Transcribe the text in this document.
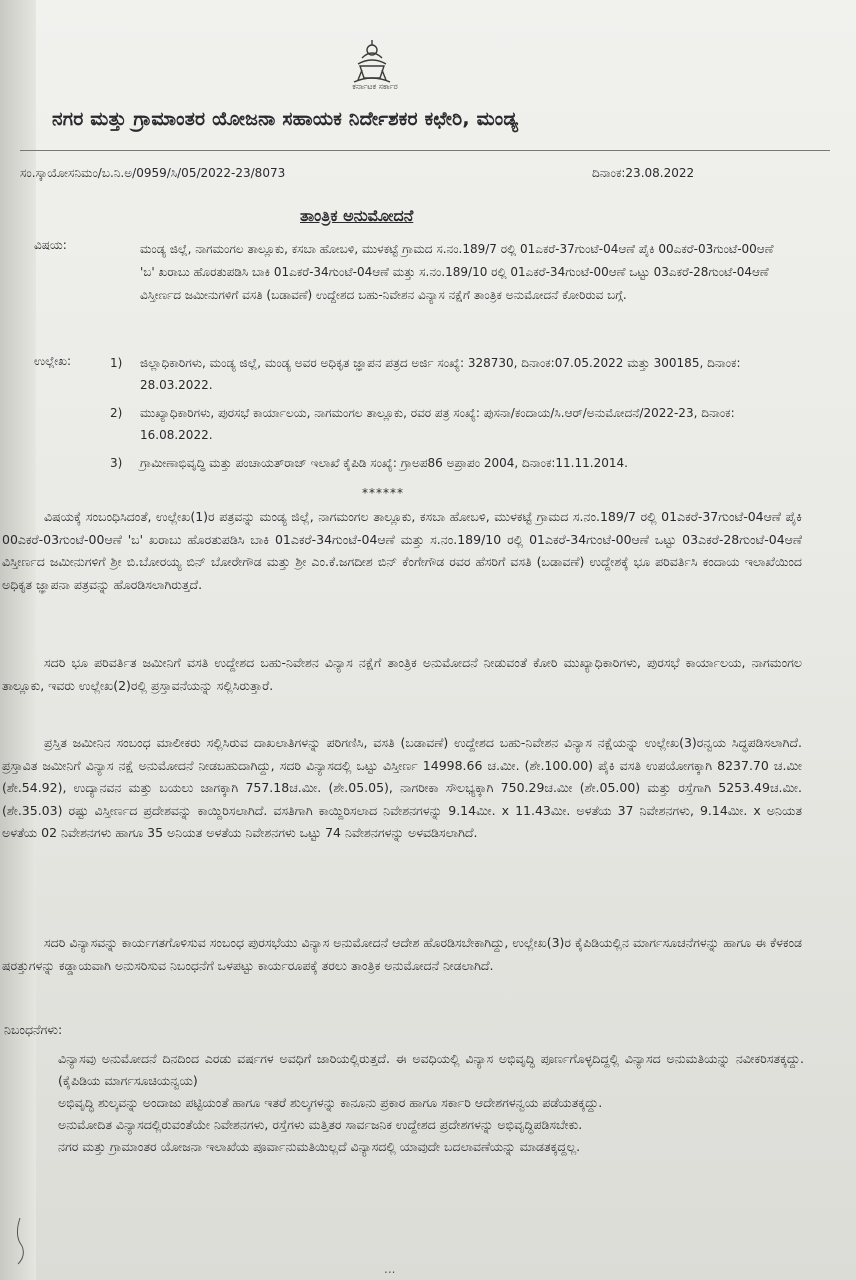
ಕರ್ನಾಟಕ ಸರ್ಕಾರ
ನಗರ ಮತ್ತು ಗ್ರಾಮಾಂತರ ಯೋಜನಾ ಸಹಾಯಕ ನಿರ್ದೇಶಕರ ಕಛೇರಿ, ಮಂಡ್ಯ
ಸಂ.ಸ್ಕಾಯೋಸನಿಮಂ/ಬ.ನಿ.ಅ/0959/ಸಿ/05/2022-23/8073	ದಿನಾಂಕ:23.08.2022
ತಾಂತ್ರಿಕ ಅನುಮೋದನೆ
ವಿಷಯ:	ಮಂಡ್ಯ ಜಿಲ್ಲೆ, ನಾಗಮಂಗಲ ತಾಲ್ಲೂಕು, ಕಸಬಾ ಹೋಬಳಿ, ಮುಳಕಟ್ಟೆ ಗ್ರಾಮದ ಸ.ನಂ.189/7 ರಲ್ಲಿ 01ಎಕರೆ-37ಗುಂಟೆ-04ಆಣೆ ಪೈಕಿ 00ಎಕರೆ-03ಗುಂಟೆ-00ಆಣೆ 'ಬ' ಖರಾಬು ಹೊರತುಪಡಿಸಿ ಬಾಕಿ 01ಎಕರೆ-34ಗುಂಟೆ-04ಆಣೆ ಮತ್ತು ಸ.ನಂ.189/10 ರಲ್ಲಿ 01ಎಕರೆ-34ಗುಂಟೆ-00ಆಣೆ ಒಟ್ಟು 03ಎಕರೆ-28ಗುಂಟೆ-04ಆಣೆ ವಿಸ್ತೀರ್ಣದ ಜಮೀನುಗಳಿಗೆ ವಸತಿ (ಬಡಾವಣೆ) ಉದ್ದೇಶದ ಬಹು-ನಿವೇಶನ ವಿನ್ಯಾಸ ನಕ್ಷೆಗೆ ತಾಂತ್ರಿಕ ಅನುಮೋದನೆ ಕೋರಿರುವ ಬಗ್ಗೆ.
ಉಲ್ಲೇಖ:	1)	ಜಿಲ್ಲಾಧಿಕಾರಿಗಳು, ಮಂಡ್ಯ ಜಿಲ್ಲೆ, ಮಂಡ್ಯ ಅವರ ಅಧಿಕೃತ ಜ್ಞಾಪನ ಪತ್ರದ ಅರ್ಜಿ ಸಂಖ್ಯೆ: 328730, ದಿನಾಂಕ:07.05.2022 ಮತ್ತು 300185, ದಿನಾಂಕ: 28.03.2022.
2)	ಮುಖ್ಯಾಧಿಕಾರಿಗಳು, ಪುರಸಭೆ ಕಾರ್ಯಾಲಯ, ನಾಗಮಂಗಲ ತಾಲ್ಲೂಕು, ರವರ ಪತ್ರ ಸಂಖ್ಯೆ: ಪುಸನಾ/ಕಂದಾಯ/ಸಿ.ಆರ್/ಅನುಮೋದನೆ/2022-23, ದಿನಾಂಕ: 16.08.2022.
3)	ಗ್ರಾಮೀಣಾಭಿವೃದ್ಧಿ ಮತ್ತು ಪಂಚಾಯತ್‌ರಾಜ್ ಇಲಾಖೆ ಕೈಪಿಡಿ ಸಂಖ್ಯೆ: ಗ್ರಾಅಪ86 ಅಪ್ರಾಪಂ 2004, ದಿನಾಂಕ:11.11.2014.
******
ವಿಷಯಕ್ಕೆ ಸಂಬಂಧಿಸಿದಂತೆ, ಉಲ್ಲೇಖ(1)ರ ಪತ್ರವನ್ನು ಮಂಡ್ಯ ಜಿಲ್ಲೆ, ನಾಗಮಂಗಲ ತಾಲ್ಲೂಕು, ಕಸಬಾ ಹೋಬಳಿ, ಮುಳಕಟ್ಟೆ ಗ್ರಾಮದ ಸ.ನಂ.189/7 ರಲ್ಲಿ 01ಎಕರೆ-37ಗುಂಟೆ-04ಆಣೆ ಪೈಕಿ 00ಎಕರೆ-03ಗುಂಟೆ-00ಆಣೆ 'ಬ' ಖರಾಬು ಹೊರತುಪಡಿಸಿ ಬಾಕಿ 01ಎಕರೆ-34ಗುಂಟೆ-04ಆಣೆ ಮತ್ತು ಸ.ನಂ.189/10 ರಲ್ಲಿ 01ಎಕರೆ-34ಗುಂಟೆ-00ಆಣೆ ಒಟ್ಟು 03ಎಕರೆ-28ಗುಂಟೆ-04ಆಣೆ ವಿಸ್ತೀರ್ಣದ ಜಮೀನುಗಳಿಗೆ ಶ್ರೀ ಬಿ.ಬೋರಯ್ಯ ಬಿನ್ ಬೋರೇಗೌಡ ಮತ್ತು ಶ್ರೀ ಎಂ.ಕೆ.ಜಗದೀಶ ಬಿನ್ ಕೆಂಗೇಗೌಡ ರವರ ಹೆಸರಿಗೆ ವಸತಿ (ಬಡಾವಣೆ) ಉದ್ದೇಶಕ್ಕೆ ಭೂ ಪರಿವರ್ತಿಸಿ ಕಂದಾಯ ಇಲಾಖೆಯಿಂದ ಅಧಿಕೃತ ಜ್ಞಾಪನಾ ಪತ್ರವನ್ನು ಹೊರಡಿಸಲಾಗಿರುತ್ತದೆ.
ಸದರಿ ಭೂ ಪರಿವರ್ತಿತ ಜಮೀನಿಗೆ ವಸತಿ ಉದ್ದೇಶದ ಬಹು-ನಿವೇಶನ ವಿನ್ಯಾಸ ನಕ್ಷೆಗೆ ತಾಂತ್ರಿಕ ಅನುಮೋದನೆ ನೀಡುವಂತೆ ಕೋರಿ ಮುಖ್ಯಾಧಿಕಾರಿಗಳು, ಪುರಸಭೆ ಕಾರ್ಯಾಲಯ, ನಾಗಮಂಗಲ ತಾಲ್ಲೂಕು, ಇವರು ಉಲ್ಲೇಖ(2)ರಲ್ಲಿ ಪ್ರಸ್ತಾವನೆಯನ್ನು ಸಲ್ಲಿಸಿರುತ್ತಾರೆ.
ಪ್ರಸ್ತಿತ ಜಮೀನಿನ ಸಂಬಂಧ ಮಾಲೀಕರು ಸಲ್ಲಿಸಿರುವ ದಾಖಲಾತಿಗಳನ್ನು ಪರಿಗಣಿಸಿ, ವಸತಿ (ಬಡಾವಣೆ) ಉದ್ದೇಶದ ಬಹು-ನಿವೇಶನ ವಿನ್ಯಾಸ ನಕ್ಷೆಯನ್ನು ಉಲ್ಲೇಖ(3)ರನ್ವಯ ಸಿದ್ಧಪಡಿಸಲಾಗಿದೆ. ಪ್ರಸ್ತಾವಿತ ಜಮೀನಿಗೆ ವಿನ್ಯಾಸ ನಕ್ಷೆ ಅನುಮೋದನೆ ನೀಡಬಹುದಾಗಿದ್ದು, ಸದರಿ ವಿನ್ಯಾಸದಲ್ಲಿ ಒಟ್ಟು ವಿಸ್ತೀರ್ಣ 14998.66 ಚ.ಮೀ. (ಶೇ.100.00) ಪೈಕಿ ವಸತಿ ಉಪಯೋಗಕ್ಕಾಗಿ 8237.70 ಚ.ಮೀ (ಶೇ.54.92), ಉದ್ಯಾನವನ ಮತ್ತು ಬಯಲು ಜಾಗಕ್ಕಾಗಿ 757.18ಚ.ಮೀ. (ಶೇ.05.05), ನಾಗರೀಕಾ ಸೌಲಭ್ಯಕ್ಕಾಗಿ 750.29ಚ.ಮೀ (ಶೇ.05.00) ಮತ್ತು ರಸ್ತೆಗಾಗಿ 5253.49ಚ.ಮೀ. (ಶೇ.35.03) ರಷ್ಟು ವಿಸ್ತೀರ್ಣದ ಪ್ರದೇಶವನ್ನು ಕಾಯ್ದಿರಿಸಲಾಗಿದೆ. ವಸತಿಗಾಗಿ ಕಾಯ್ದಿರಿಸಲಾದ ನಿವೇಶನಗಳನ್ನು 9.14ಮೀ. x 11.43ಮೀ. ಅಳತೆಯ 37 ನಿವೇಶನಗಳು, 9.14ಮೀ. x ಅನಿಯತ ಅಳತೆಯ 02 ನಿವೇಶನಗಳು ಹಾಗೂ 35 ಅನಿಯತ ಅಳತೆಯ ನಿವೇಶನಗಳು ಒಟ್ಟು 74 ನಿವೇಶನಗಳನ್ನು ಅಳವಡಿಸಲಾಗಿದೆ.
ಸದರಿ ವಿನ್ಯಾಸವನ್ನು ಕಾರ್ಯಗತಗೊಳಿಸುವ ಸಂಬಂಧ ಪುರಸಭೆಯು ವಿನ್ಯಾಸ ಅನುಮೋದನೆ ಆದೇಶ ಹೊರಡಿಸಬೇಕಾಗಿದ್ದು, ಉಲ್ಲೇಖ(3)ರ ಕೈಪಿಡಿಯಲ್ಲಿನ ಮಾರ್ಗಸೂಚನೆಗಳನ್ನು ಹಾಗೂ ಈ ಕೆಳಕಂಡ ಷರತ್ತುಗಳನ್ನು ಕಡ್ಡಾಯವಾಗಿ ಅನುಸರಿಸುವ ನಿಬಂಧನೆಗೆ ಒಳಪಟ್ಟು ಕಾರ್ಯರೂಪಕ್ಕೆ ತರಲು ತಾಂತ್ರಿಕ ಅನುಮೋದನೆ ನೀಡಲಾಗಿದೆ.
ನಿಬಂಧನೆಗಳು:
ವಿನ್ಯಾಸವು ಅನುಮೋದನೆ ದಿನದಿಂದ ಎರಡು ವರ್ಷಗಳ ಅವಧಿಗೆ ಜಾರಿಯಲ್ಲಿರುತ್ತದೆ. ಈ ಅವಧಿಯಲ್ಲಿ ವಿನ್ಯಾಸ ಅಭಿವೃದ್ಧಿ ಪೂರ್ಣಗೊಳ್ಳದಿದ್ದಲ್ಲಿ ವಿನ್ಯಾಸದ ಅನುಮತಿಯನ್ನು ನವೀಕರಿಸತಕ್ಕದ್ದು. (ಕೈಪಿಡಿಯ ಮಾರ್ಗಸೂಚಿಯನ್ವಯ)
ಅಭಿವೃದ್ಧಿ ಶುಲ್ಕವನ್ನು ಅಂದಾಜು ಪಟ್ಟಿಯಂತೆ ಹಾಗೂ ಇತರೆ ಶುಲ್ಕಗಳನ್ನು ಕಾನೂನು ಪ್ರಕಾರ ಹಾಗೂ ಸರ್ಕಾರಿ ಆದೇಶಗಳನ್ವಯ ಪಡೆಯತಕ್ಕದ್ದು.
ಅನುಮೋದಿತ ವಿನ್ಯಾಸದಲ್ಲಿರುವಂತೆಯೇ ನಿವೇಶನಗಳು, ರಸ್ತೆಗಳು ಮತ್ತಿತರ ಸಾರ್ವಜನಿಕ ಉದ್ದೇಶದ ಪ್ರದೇಶಗಳನ್ನು ಅಭಿವೃದ್ಧಿಪಡಿಸಬೇಕು.
ನಗರ ಮತ್ತು ಗ್ರಾಮಾಂತರ ಯೋಜನಾ ಇಲಾಖೆಯ ಪೂರ್ವಾನುಮತಿಯಿಲ್ಲದೆ ವಿನ್ಯಾಸದಲ್ಲಿ ಯಾವುದೇ ಬದಲಾವಣೆಯನ್ನು ಮಾಡತಕ್ಕದ್ದಲ್ಲ.
...
